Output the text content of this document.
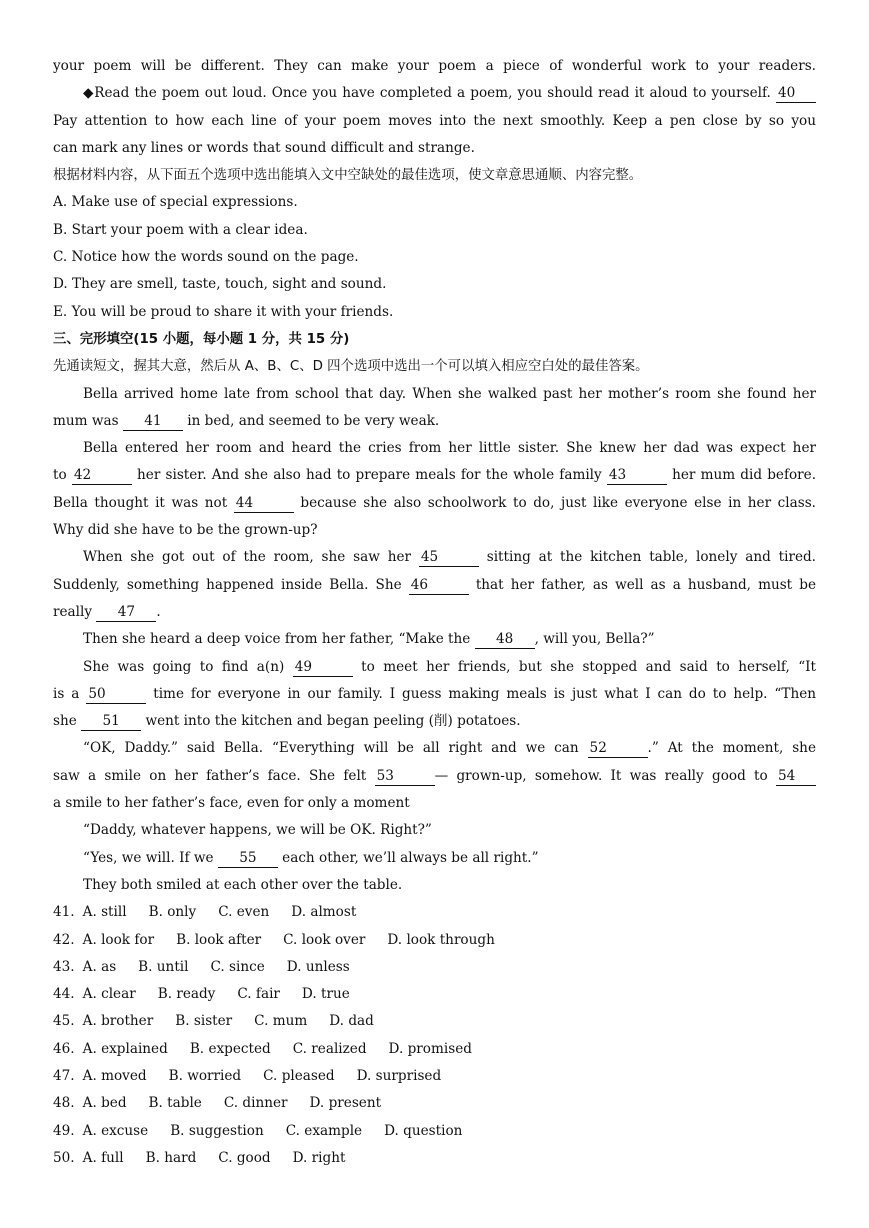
your poem will be different. They can make your poem a piece of wonderful work to your readers.
◆Read the poem out loud. Once you have completed a poem, you should read it aloud to yourself. 40
Pay attention to how each line of your poem moves into the next smoothly. Keep a pen close by so you
can mark any lines or words that sound difficult and strange.
根据材料内容，从下面五个选项中选出能填入文中空缺处的最佳选项，使文章意思通顺、内容完整。
A. Make use of special expressions.
B. Start your poem with a clear idea.
C. Notice how the words sound on the page.
D. They are smell, taste, touch, sight and sound.
E. You will be proud to share it with your friends.
三、完形填空(15 小题，每小题 1 分，共 15 分)
先通读短文，握其大意，然后从 A、B、C、D 四个选项中选出一个可以填入相应空白处的最佳答案。
Bella arrived home late from school that day. When she walked past her mother’s room she found her
mum was 41 in bed, and seemed to be very weak.
Bella entered her room and heard the cries from her little sister. She knew her dad was expect her
to 42	her sister. And she also had to prepare meals for the whole family 43	her mum did before.
Bella thought it was not 44	because she also schoolwork to do, just like everyone else in her class.
Why did she have to be the grown-up?
When she got out of the room, she saw her 45	sitting at the kitchen table, lonely and tired.
Suddenly, something happened inside Bella. She 46	that her father, as well as a husband, must be
really 47 .
Then she heard a deep voice from her father, “Make the 48 , will you, Bella?”
She was going to find a(n) 49	to meet her friends, but she stopped and said to herself, “It
is a 50	time for everyone in our family. I guess making meals is just what I can do to help. “Then
she 51 went into the kitchen and began peeling (削) potatoes.
“OK, Daddy.” said Bella. “Everything will be all right and we can 52	.” At the moment, she
saw a smile on her father’s face. She felt 53	— grown-up, somehow. It was really good to 54
a smile to her father’s face, even for only a moment
“Daddy, whatever happens, we will be OK. Right?”
“Yes, we will. If we 55 each other, we’ll always be all right.”
They both smiled at each other over the table.
41. A. still B. only C. even D. almost
42. A. look for B. look after C. look over D. look through
43. A. as B. until C. since D. unless
44. A. clear B. ready C. fair D. true
45. A. brother B. sister C. mum D. dad
46. A. explained B. expected C. realized D. promised
47. A. moved B. worried C. pleased D. surprised
48. A. bed B. table C. dinner D. present
49. A. excuse B. suggestion C. example D. question
50. A. full B. hard C. good D. right
